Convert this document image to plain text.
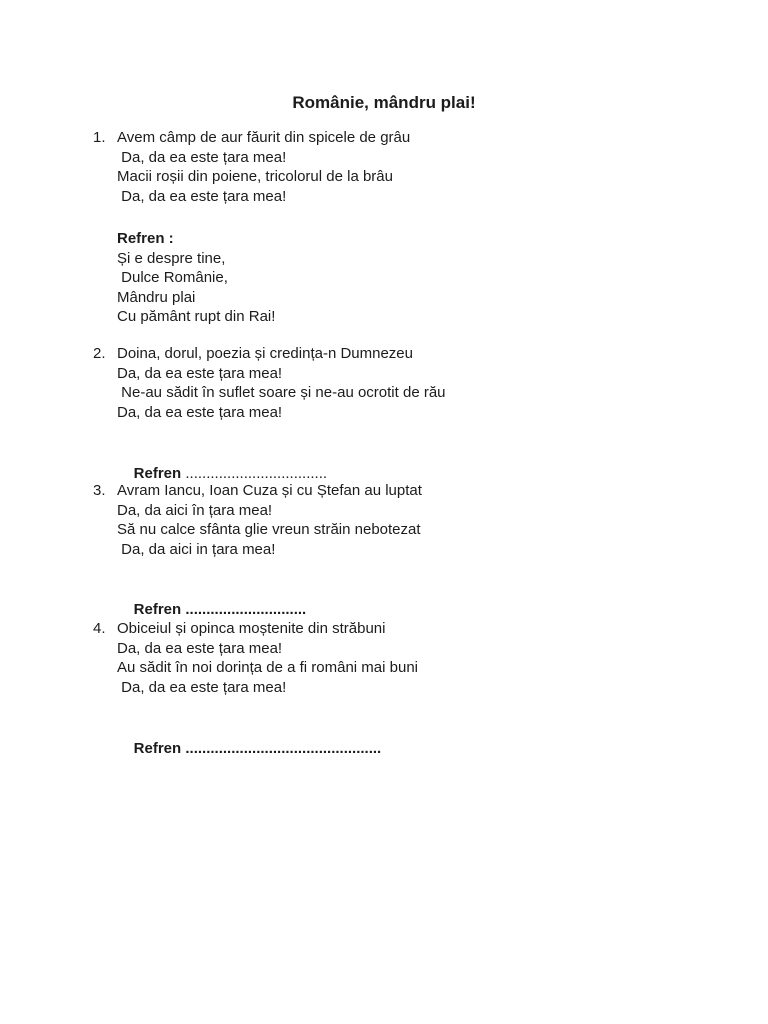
Românie, mândru plai!
1. Avem câmp de aur făurit din spicele de grâu
Da, da ea este țara mea!
Macii roșii din poiene, tricolorul de la brâu
Da, da ea este țara mea!
Refren :
Și e despre tine,
Dulce Românie,
Mândru plai
Cu pământ rupt din Rai!
2. Doina, dorul, poezia și credința-n Dumnezeu
Da, da ea este țara mea!
Ne-au sădit în suflet soare și ne-au ocrotit de rău
Da, da ea este țara mea!

Refren ..................................

3. Avram Iancu, Ioan Cuza și cu Ștefan au luptat
Da, da aici în țara mea!
Să nu calce sfânta glie vreun străin nebotezat
Da, da aici in țara mea!

Refren .............................

4. Obiceiul și opinca moștenite din străbuni
Da, da ea este țara mea!
Au sădit în noi dorința de a fi români mai buni
Da, da ea este țara mea!

Refren ...............................................
